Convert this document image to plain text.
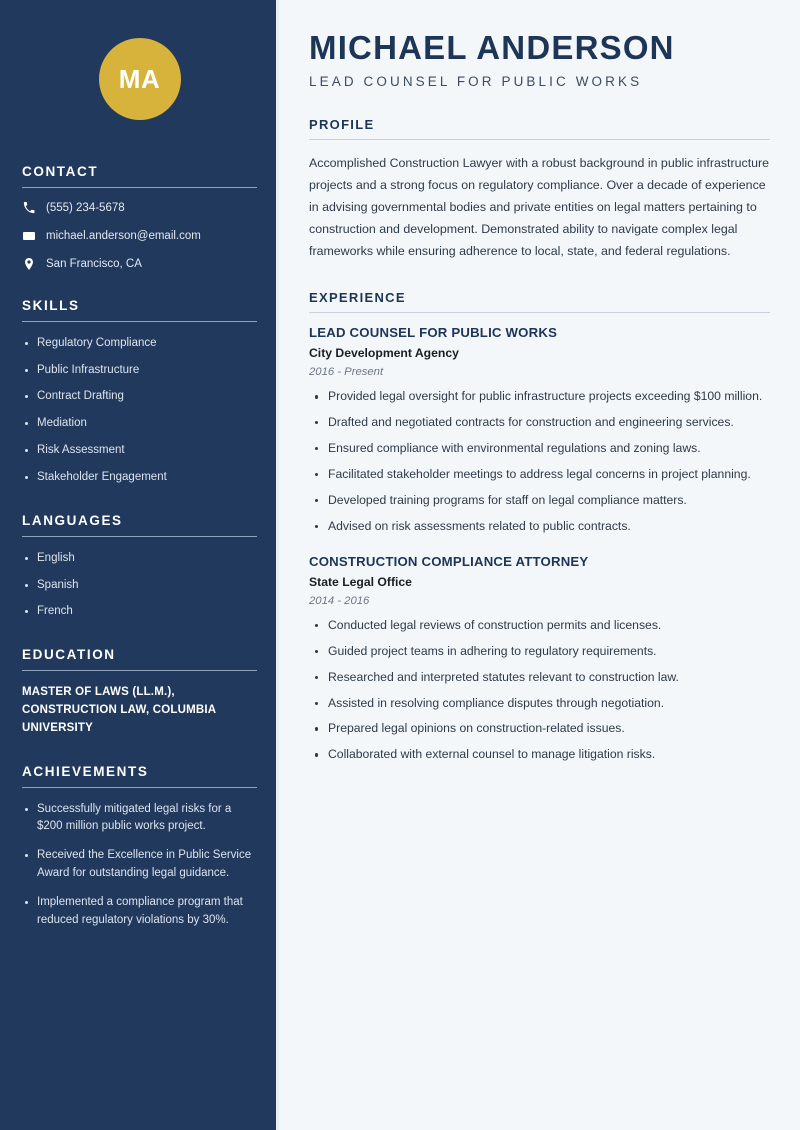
MA
CONTACT
(555) 234-5678
michael.anderson@email.com
San Francisco, CA
SKILLS
Regulatory Compliance
Public Infrastructure
Contract Drafting
Mediation
Risk Assessment
Stakeholder Engagement
LANGUAGES
English
Spanish
French
EDUCATION
MASTER OF LAWS (LL.M.), CONSTRUCTION LAW, COLUMBIA UNIVERSITY
ACHIEVEMENTS
Successfully mitigated legal risks for a $200 million public works project.
Received the Excellence in Public Service Award for outstanding legal guidance.
Implemented a compliance program that reduced regulatory violations by 30%.
MICHAEL ANDERSON
LEAD COUNSEL FOR PUBLIC WORKS
PROFILE

Accomplished Construction Lawyer with a robust background in public infrastructure projects and a strong focus on regulatory compliance. Over a decade of experience in advising governmental bodies and private entities on legal matters pertaining to construction and development. Demonstrated ability to navigate complex legal frameworks while ensuring adherence to local, state, and federal regulations.

EXPERIENCE
LEAD COUNSEL FOR PUBLIC WORKS
City Development Agency
2016 - Present
Provided legal oversight for public infrastructure projects exceeding $100 million.
Drafted and negotiated contracts for construction and engineering services.
Ensured compliance with environmental regulations and zoning laws.
Facilitated stakeholder meetings to address legal concerns in project planning.
Developed training programs for staff on legal compliance matters.
Advised on risk assessments related to public contracts.
CONSTRUCTION COMPLIANCE ATTORNEY
State Legal Office
2014 - 2016
Conducted legal reviews of construction permits and licenses.
Guided project teams in adhering to regulatory requirements.
Researched and interpreted statutes relevant to construction law.
Assisted in resolving compliance disputes through negotiation.
Prepared legal opinions on construction-related issues.
Collaborated with external counsel to manage litigation risks.
